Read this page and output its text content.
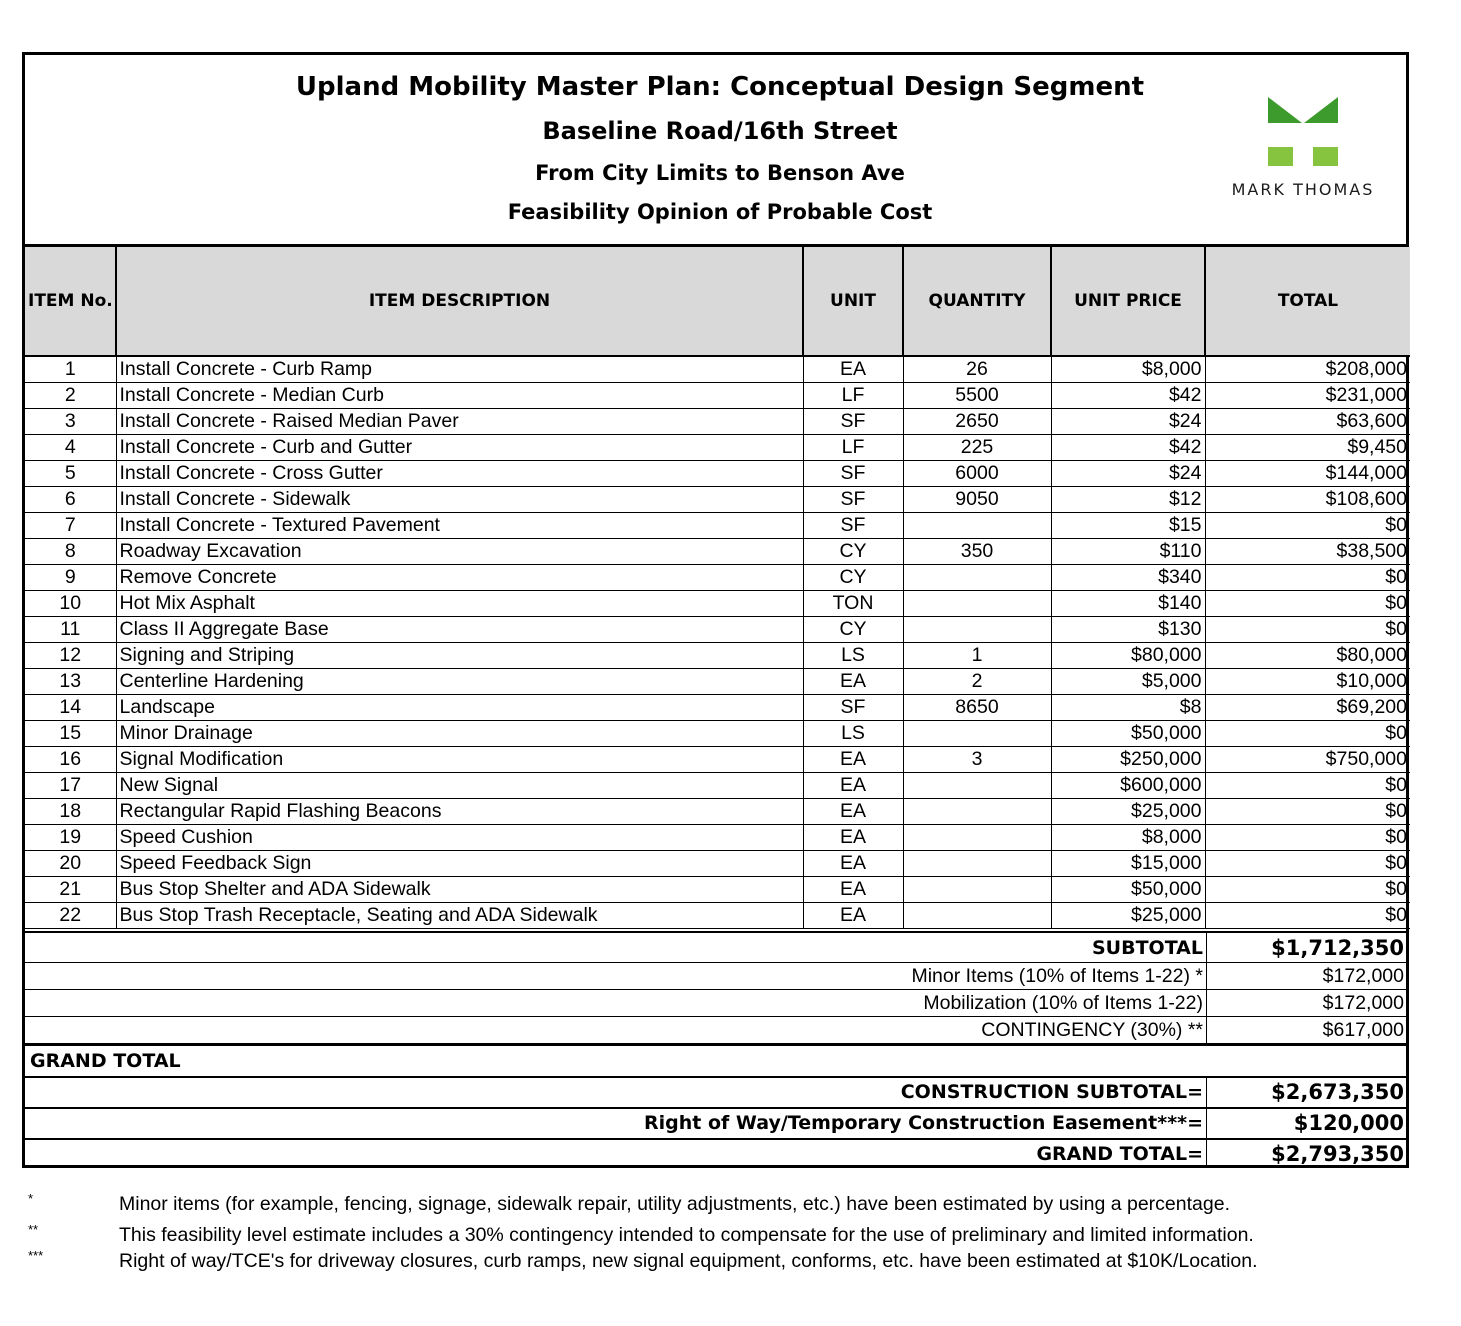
Upland Mobility Master Plan: Conceptual Design Segment
Baseline Road/16th Street
From City Limits to Benson Ave
Feasibility Opinion of Probable Cost
MARK THOMAS
ITEM No.	ITEM DESCRIPTION	UNIT	QUANTITY	UNIT PRICE	TOTAL
1	Install Concrete - Curb Ramp	EA	26	$8,000	$208,000
2	Install Concrete - Median Curb	LF	5500	$42	$231,000
3	Install Concrete - Raised Median Paver	SF	2650	$24	$63,600
4	Install Concrete - Curb and Gutter	LF	225	$42	$9,450
5	Install Concrete - Cross Gutter	SF	6000	$24	$144,000
6	Install Concrete - Sidewalk	SF	9050	$12	$108,600
7	Install Concrete - Textured Pavement	SF		$15	$0
8	Roadway Excavation	CY	350	$110	$38,500
9	Remove Concrete	CY		$340	$0
10	Hot Mix Asphalt	TON		$140	$0
11	Class II Aggregate Base	CY		$130	$0
12	Signing and Striping	LS	1	$80,000	$80,000
13	Centerline Hardening	EA	2	$5,000	$10,000
14	Landscape	SF	8650	$8	$69,200
15	Minor Drainage	LS		$50,000	$0
16	Signal Modification	EA	3	$250,000	$750,000
17	New Signal	EA		$600,000	$0
18	Rectangular Rapid Flashing Beacons	EA		$25,000	$0
19	Speed Cushion	EA		$8,000	$0
20	Speed Feedback Sign	EA		$15,000	$0
21	Bus Stop Shelter and ADA Sidewalk	EA		$50,000	$0
22	Bus Stop Trash Receptacle, Seating and ADA Sidewalk	EA		$25,000	$0
SUBTOTAL	$1,712,350
Minor Items (10% of Items 1-22) *	$172,000
Mobilization (10% of Items 1-22)	$172,000
CONTINGENCY (30%) **	$617,000
GRAND TOTAL
CONSTRUCTION SUBTOTAL=	$2,673,350
Right of Way/Temporary Construction Easement***=	$120,000
GRAND TOTAL=	$2,793,350
*	Minor items (for example, fencing, signage, sidewalk repair, utility adjustments, etc.) have been estimated by using a percentage.
**	This feasibility level estimate includes a 30% contingency intended to compensate for the use of preliminary and limited information.
***	Right of way/TCE's for driveway closures, curb ramps, new signal equipment, conforms, etc. have been estimated at $10K/Location.
